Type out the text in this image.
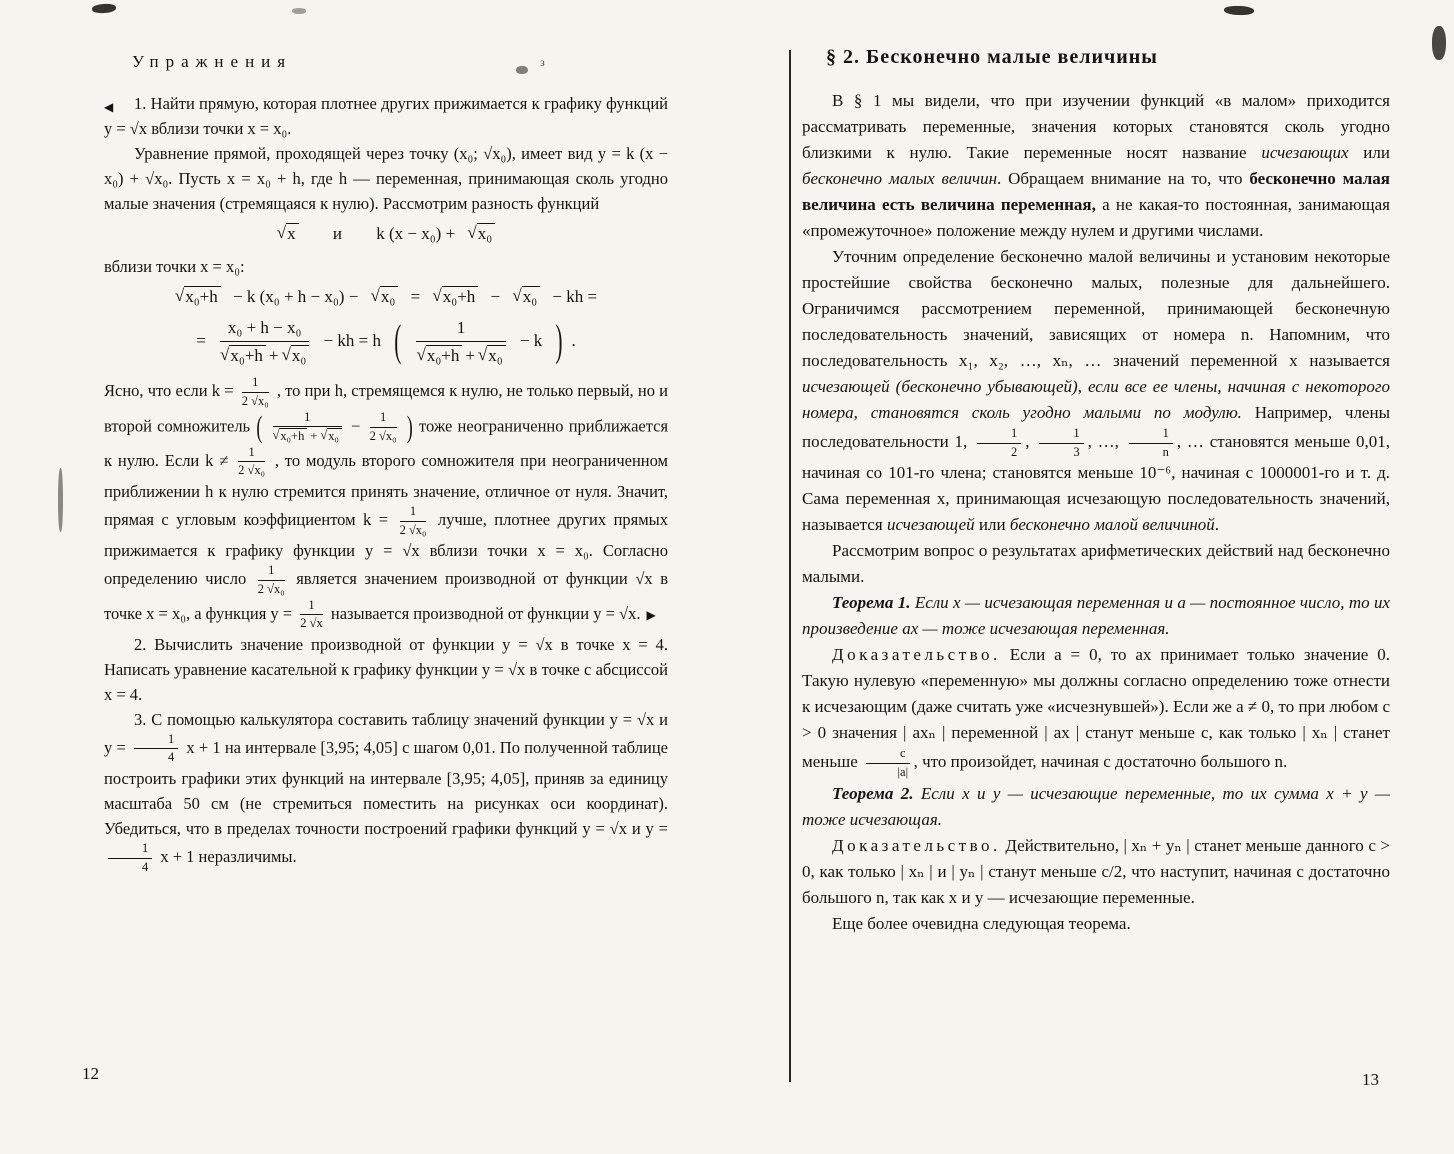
Упражнения	з

◀ 1. Найти прямую, которая плотнее других прижимается к графику функций y = √x вблизи точки x = x₀.

Уравнение прямой, проходящей через точку (x₀; √x₀), имеет вид y = k (x − x₀) + √x₀. Пусть x = x₀ + h, где h — переменная, принимающая сколь угодно малые значения (стремящаяся к нулю). Рассмотрим разность функций

√x и k (x − x₀) + √x₀

вблизи точки x = x₀:

√x₀+h − k (x₀ + h − x₀) − √x₀ = √x₀+h − √x₀ − kh =
= $\frac{\text{x₀ + h − x₀}}{\text{√x₀+h + √x₀}}$ − kh = h ( $\frac{1}{\text{√x₀+h + √x₀}} - k$ ) .

Ясно, что если $k = \frac{1}{\text{2 √x₀}}$ , то при h, стремящемся к нулю, не только первый, но и второй сомножитель ( $\frac{1}{\text{√x₀+h + √x₀}} - \frac{1}{\text{2 √x₀}}$ ) тоже неограниченно приближается к нулю. Если $k \ne \frac{1}{\text{2 √x₀}}$ , то модуль второго сомножителя при неограниченном приближении h к нулю стремится принять значение, отличное от нуля. Значит, прямая с угловым коэффициентом $k = \frac{1}{\text{2 √x₀}}$ лучше, плотнее других прямых прижимается к графику функции y = √x вблизи точки x = x₀. Согласно определению число $\frac{1}{\text{2 √x₀}}$ является значением производной от функции √x в точке x = x₀, а функция $y = \frac{1}{2 √x}$ называется производной от функции y = √x. ▶

2. Вычислить значение производной от функции y = √x в точке x = 4. Написать уравнение касательной к графику функции y = √x в точке с абсциссой x = 4.

3. С помощью калькулятора составить таблицу значений функции y = √x и $y = \frac{1}{4}$ x + 1 на интервале [3,95; 4,05] с шагом 0,01. По полученной таблице построить графики этих функций на интервале [3,95; 4,05], приняв за единицу масштаба 50 см (не стремиться поместить на рисунках оси координат). Убедиться, что в пределах точности построений графики функций y = √x и y =
$\frac{1}{4}$ x + 1 неразличимы.

§ 2. Бесконечно малые величины

В § 1 мы видели, что при изучении функций «в малом» приходится рассматривать переменные, значения которых становятся сколь угодно близкими к нулю. Такие переменные носят название исчезающих или бесконечно малых величин. Обращаем внимание на то, что бесконечно малая величина есть величина переменная, а не какая-то постоянная, занимающая «промежуточное» положение между нулем и другими числами.

Уточним определение бесконечно малой величины и установим некоторые простейшие свойства бесконечно малых, полезные для дальнейшего. Ограничимся рассмотрением переменной, принимающей бесконечную последовательность значений, зависящих от номера n. Напомним, что последовательность x₁, x₂, …, xₙ, … значений переменной x называется исчезающей (бесконечно убывающей), если все ее члены, начиная с некоторого номера, становятся сколь угодно малыми по модулю. Например, члены последовательности 1, $\frac{1}{2}$ , $\frac{1}{3}$ , …, $\frac{1}{n}$ , … становятся меньше 0,01, начиная со 101-го члена; становятся меньше 10⁻⁶, начиная с 1000001-го и т. д. Сама переменная x, принимающая исчезающую последовательность значений, называется исчезающей или бесконечно малой величиной.

Рассмотрим вопрос о результатах арифметических действий над бесконечно малыми.

Теорема 1. Если x — исчезающая переменная и a — постоянное число, то их произведение ax — тоже исчезающая переменная.

Доказательство. Если a = 0, то ax принимает только значение 0. Такую нулевую «переменную» мы должны согласно определению тоже отнести к исчезающим (даже считать уже «исчезнувшей»). Если же a ≠ 0, то при любом c > 0 значения | axₙ | переменной | ax | станут меньше c, как только | xₙ | станет меньше $\frac{c}{|a|}$ , что произойдет, начиная с достаточно большого n.

Теорема 2. Если x и y — исчезающие переменные, то их сумма x + y — тоже исчезающая.

Доказательство. Действительно, | xₙ + yₙ | станет меньше данного c > 0, как только | xₙ | и | yₙ | станут меньше c/2, что наступит, начиная с достаточно большого n, так как x и y — исчезающие переменные.

Еще более очевидна следующая теорема.

12	13
